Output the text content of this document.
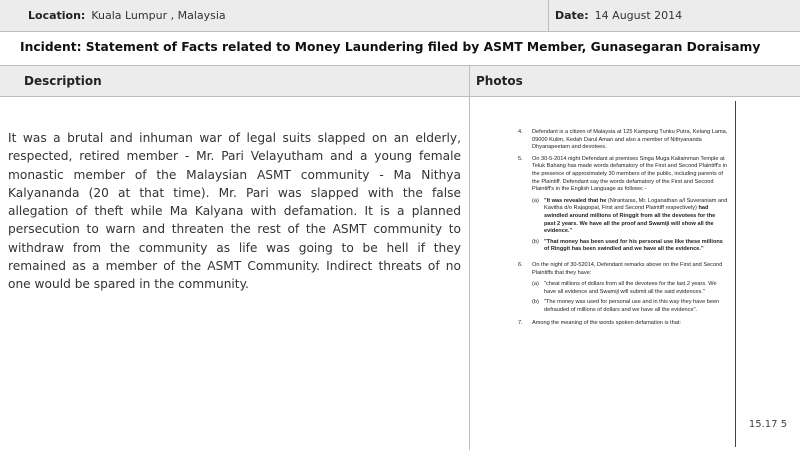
Location: Kuala Lumpur , Malaysia	Date: 14 August 2014
Incident: Statement of Facts related to Money Laundering filed by ASMT Member, Gunasegaran Doraisamy
Description	Photos

It was a brutal and inhuman war of legal suits slapped on an elderly, respected, retired member - Mr. Pari Velayutham and a young female monastic member of the Malaysian ASMT community - Ma Nithya Kalyananda (20 at that time). Mr. Pari was slapped with the false allegation of theft while Ma Kalyana with defamation. It is a planned persecution to warn and threaten the rest of the ASMT community to withdraw from the community as life was going to be hell if they remained as a member of the ASMT Community. Indirect threats of no one would be spared in the community.

4.	Defendant is a citizen of Malaysia at 125 Kampung Tunku Putra, Kelang Lama, 09000 Kulim, Kedah Darul Aman and also a member of Nithyananda Dhyanapeetam and devotees.
5.	On 30-5-2014 night Defendant at premises Singa Muga Kaliamman Temple at Teluk Bahang has made words defamatory of the First and Second Plaintiff's in the presence of approximately 30 members of the public, including parents of the Plaintiff. Defendant say the words defamatory of the First and Second Plaintiff's in the English Language as follows: -
(a) "It was revealed that he (Nirantaras, Mr. Loganathan a/l Suveraniam and Kavitha d/o Rajagopal, First and Second Plaintiff respectively) had swindled around millions of Ringgit from all the devotees for the past 2 years. We have all the proof and Swamiji will show all the evidence."
(b) "That money has been used for his personal use like these millions of Ringgit has been swindled and we have all the evidence."
6.	On the night of 30-52014, Defendant remarks above on the First and Second Plaintiffs that they have:
(a) "cheat millions of dollars from all the devotees for the last 2 years. We have all evidence and Swamiji will submit all the said evidences."
(b) "The money was used for personal use and in this way they have been defrauded of millions of dollars and we have all the evidence".
7.	Among the meaning of the words spoken defamation is that:
15.17 5
